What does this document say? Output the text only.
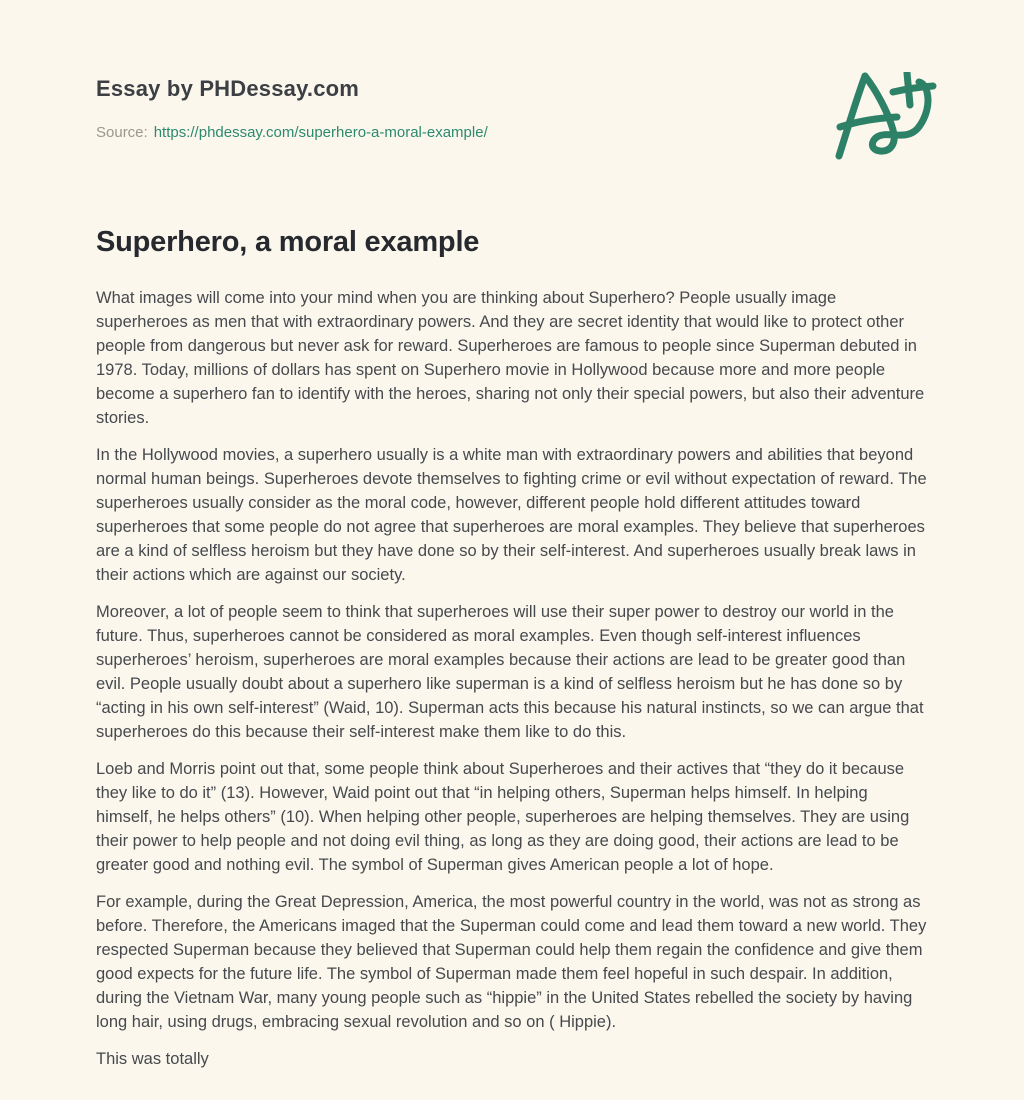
Essay by PHDessay.com
Source: https://phdessay.com/superhero-a-moral-example/
Superhero, a moral example

What images will come into your mind when you are thinking about Superhero? People usually image superheroes as men that with extraordinary powers. And they are secret identity that would like to protect other people from dangerous but never ask for reward. Superheroes are famous to people since Superman debuted in 1978. Today, millions of dollars has spent on Superhero movie in Hollywood because more and more people become a superhero fan to identify with the heroes, sharing not only their special powers, but also their adventure stories.

In the Hollywood movies, a superhero usually is a white man with extraordinary powers and abilities that beyond normal human beings. Superheroes devote themselves to fighting crime or evil without expectation of reward. The superheroes usually consider as the moral code, however, different people hold different attitudes toward superheroes that some people do not agree that superheroes are moral examples. They believe that superheroes are a kind of selfless heroism but they have done so by their self-interest. And superheroes usually break laws in their actions which are against our society.

Moreover, a lot of people seem to think that superheroes will use their super power to destroy our world in the future. Thus, superheroes cannot be considered as moral examples. Even though self-interest influences superheroes’ heroism, superheroes are moral examples because their actions are lead to be greater good than evil. People usually doubt about a superhero like superman is a kind of selfless heroism but he has done so by “acting in his own self-interest” (Waid, 10). Superman acts this because his natural instincts, so we can argue that superheroes do this because their self-interest make them like to do this.

Loeb and Morris point out that, some people think about Superheroes and their actives that “they do it because they like to do it” (13). However, Waid point out that “in helping others, Superman helps himself. In helping himself, he helps others” (10). When helping other people, superheroes are helping themselves. They are using their power to help people and not doing evil thing, as long as they are doing good, their actions are lead to be greater good and nothing evil. The symbol of Superman gives American people a lot of hope.

For example, during the Great Depression, America, the most powerful country in the world, was not as strong as before. Therefore, the Americans imaged that the Superman could come and lead them toward a new world. They respected Superman because they believed that Superman could help them regain the confidence and give them good expects for the future life. The symbol of Superman made them feel hopeful in such despair. In addition, during the Vietnam War, many young people such as “hippie” in the United States rebelled the society by having long hair, using drugs, embracing sexual revolution and so on ( Hippie).

This was totally
